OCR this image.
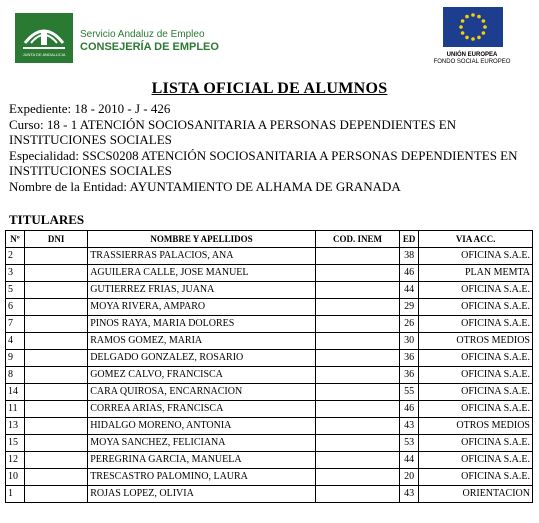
JUNTA DE ANDALUCIA
Servicio Andaluz de Empleo
CONSEJERÍA DE EMPLEO
UNIÓN EUROPEA
FONDO SOCIAL EUROPEO
LISTA OFICIAL DE ALUMNOS
Expediente: 18 - 2010 - J - 426
Curso: 18 - 1 ATENCIÓN SOCIOSANITARIA A PERSONAS DEPENDIENTES EN INSTITUCIONES SOCIALES
Especialidad: SSCS0208 ATENCIÓN SOCIOSANITARIA A PERSONAS DEPENDIENTES EN INSTITUCIONES SOCIALES
Nombre de la Entidad: AYUNTAMIENTO DE ALHAMA DE GRANADA
TITULARES
Nº	DNI	NOMBRE Y APELLIDOS	COD. INEM	ED	VIA ACC.
2		TRASSIERRAS PALACIOS, ANA		38	OFICINA S.A.E.
3		AGUILERA CALLE, JOSE MANUEL		46	PLAN MEMTA
5		GUTIERREZ FRIAS, JUANA		44	OFICINA S.A.E.
6		MOYA RIVERA, AMPARO		29	OFICINA S.A.E.
7		PINOS RAYA, MARIA DOLORES		26	OFICINA S.A.E.
4		RAMOS GOMEZ, MARIA		30	OTROS MEDIOS
9		DELGADO GONZALEZ, ROSARIO		36	OFICINA S.A.E.
8		GOMEZ CALVO, FRANCISCA		36	OFICINA S.A.E.
14		CARA QUIROSA, ENCARNACION		55	OFICINA S.A.E.
11		CORREA ARIAS, FRANCISCA		46	OFICINA S.A.E.
13		HIDALGO MORENO, ANTONIA		43	OTROS MEDIOS
15		MOYA SANCHEZ, FELICIANA		53	OFICINA S.A.E.
12		PEREGRINA GARCIA, MANUELA		44	OFICINA S.A.E.
10		TRESCASTRO PALOMINO, LAURA		20	OFICINA S.A.E.
1		ROJAS LOPEZ, OLIVIA		43	ORIENTACION
